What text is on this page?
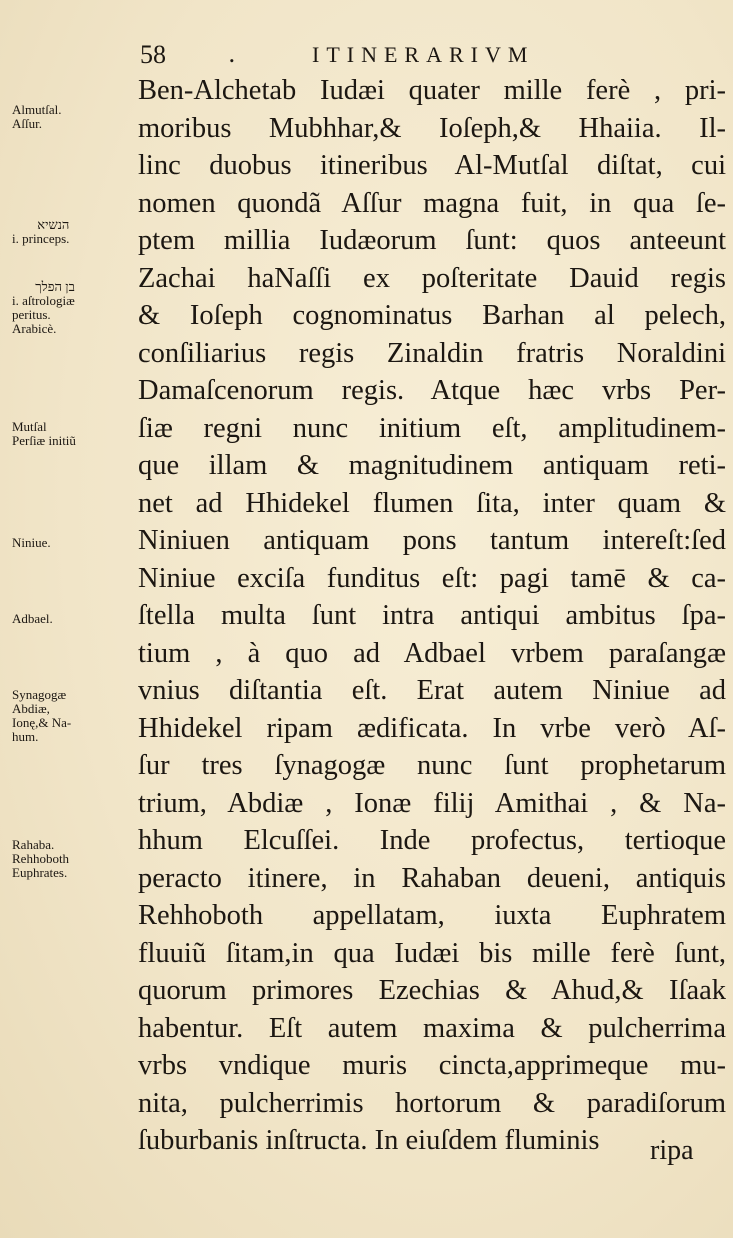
58	.	ITINERARIVM
Almutſal.
Aſſur.
הנשיא
i. princeps.
בן הפלך
i. aſtrologiæ
peritus.
Arabicè.
Mutſal
Perſiæ initiũ
Niniue.
Adbael.
Synagogæ
Abdiæ,
Ionę,& Na-
hum.
Rahaba.
Rehhoboth
Euphrates.
Ben-Alchetab Iudæi quater mille ferè , pri-
moribus Mubhhar,& Ioſeph,& Hhaiia. Il-
linc duobus itineribus Al-Mutſal diſtat, cui
nomen quondã Aſſur magna fuit, in qua ſe-
ptem millia Iudæorum ſunt: quos anteeunt
Zachai haNaſſi ex poſteritate Dauid regis
& Ioſeph cognominatus Barhan al pelech,
conſiliarius regis Zinaldin fratris Noraldini
Damaſcenorum regis. Atque hæc vrbs Per-
ſiæ regni nunc initium eſt, amplitudinem-
que illam & magnitudinem antiquam reti-
net ad Hhidekel flumen ſita, inter quam &
Niniuen antiquam pons tantum intereſt:ſed
Niniue exciſa funditus eſt: pagi tamē & ca-
ſtella multa ſunt intra antiqui ambitus ſpa-
tium , à quo ad Adbael vrbem paraſangæ
vnius diſtantia eſt. Erat autem Niniue ad
Hhidekel ripam ædificata. In vrbe verò Aſ-
ſur tres ſynagogæ nunc ſunt prophetarum
trium, Abdiæ , Ionæ filij Amithai , & Na-
hhum Elcuſſei. Inde profectus, tertioque
peracto itinere, in Rahaban deueni, antiquis
Rehhoboth appellatam, iuxta Euphratem
fluuiũ ſitam,in qua Iudæi bis mille ferè ſunt,
quorum primores Ezechias & Ahud,& Iſaak
habentur. Eſt autem maxima & pulcherrima
vrbs vndique muris cincta,apprimeque mu-
nita, pulcherrimis hortorum & paradiſorum
ſuburbanis inſtructa. In eiuſdem fluminis	ripa
